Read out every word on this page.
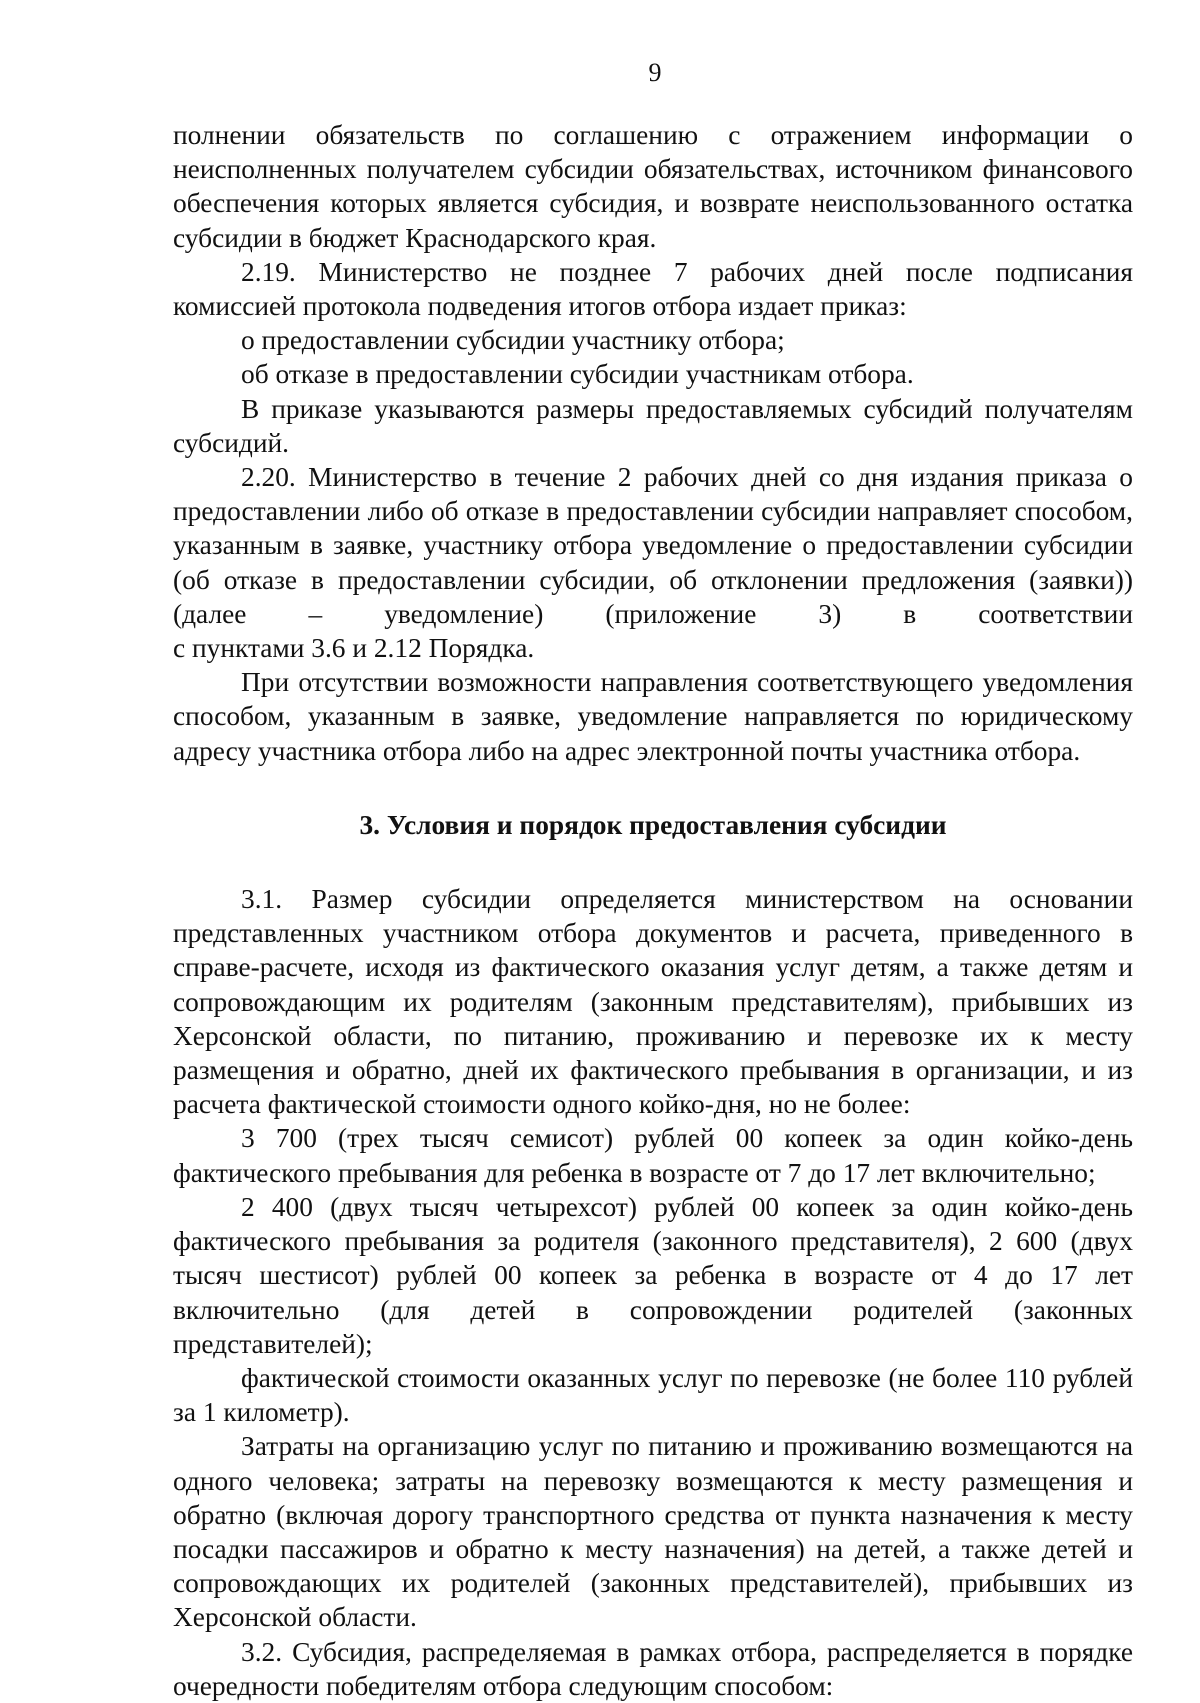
9

полнении обязательств по соглашению с отражением информации о неисполненных получателем субсидии обязательствах, источником финансового обеспечения которых является субсидия, и возврате неиспользованного остатка субсидии в бюджет Краснодарского края.

2.19. Министерство не позднее 7 рабочих дней после подписания комиссией протокола подведения итогов отбора издает приказ:

о предоставлении субсидии участнику отбора;

об отказе в предоставлении субсидии участникам отбора.

В приказе указываются размеры предоставляемых субсидий получателям субсидий.

2.20. Министерство в течение 2 рабочих дней со дня издания приказа о предоставлении либо об отказе в предоставлении субсидии направляет способом, указанным в заявке, участнику отбора уведомление о предоставлении субсидии (об отказе в предоставлении субсидии, об отклонении предложения (заявки)) (далее – уведомление) (приложение 3) в соответствии

с пунктами 3.6 и 2.12 Порядка.

При отсутствии возможности направления соответствующего уведомления способом, указанным в заявке, уведомление направляется по юридическому адресу участника отбора либо на адрес электронной почты участника отбора.

3. Условия и порядок предоставления субсидии

3.1. Размер субсидии определяется министерством на основании представленных участником отбора документов и расчета, приведенного в справе-расчете, исходя из фактического оказания услуг детям, а также детям и сопровождающим их родителям (законным представителям), прибывших из Херсонской области, по питанию, проживанию и перевозке их к месту размещения и обратно, дней их фактического пребывания в организации, и из расчета фактической стоимости одного койко-дня, но не более:

3 700 (трех тысяч семисот) рублей 00 копеек за один койко-день фактического пребывания для ребенка в возрасте от 7 до 17 лет включительно;

2 400 (двух тысяч четырехсот) рублей 00 копеек за один койко-день фактического пребывания за родителя (законного представителя), 2 600 (двух тысяч шестисот) рублей 00 копеек за ребенка в возрасте от 4 до 17 лет включительно (для детей в сопровождении родителей (законных представителей);

фактической стоимости оказанных услуг по перевозке (не более 110 рублей за 1 километр).

Затраты на организацию услуг по питанию и проживанию возмещаются на одного человека; затраты на перевозку возмещаются к месту размещения и обратно (включая дорогу транспортного средства от пункта назначения к месту посадки пассажиров и обратно к месту назначения) на детей, а также детей и сопровождающих их родителей (законных представителей), прибывших из Херсонской области.

3.2. Субсидия, распределяемая в рамках отбора, распределяется в порядке очередности победителям отбора следующим способом:
